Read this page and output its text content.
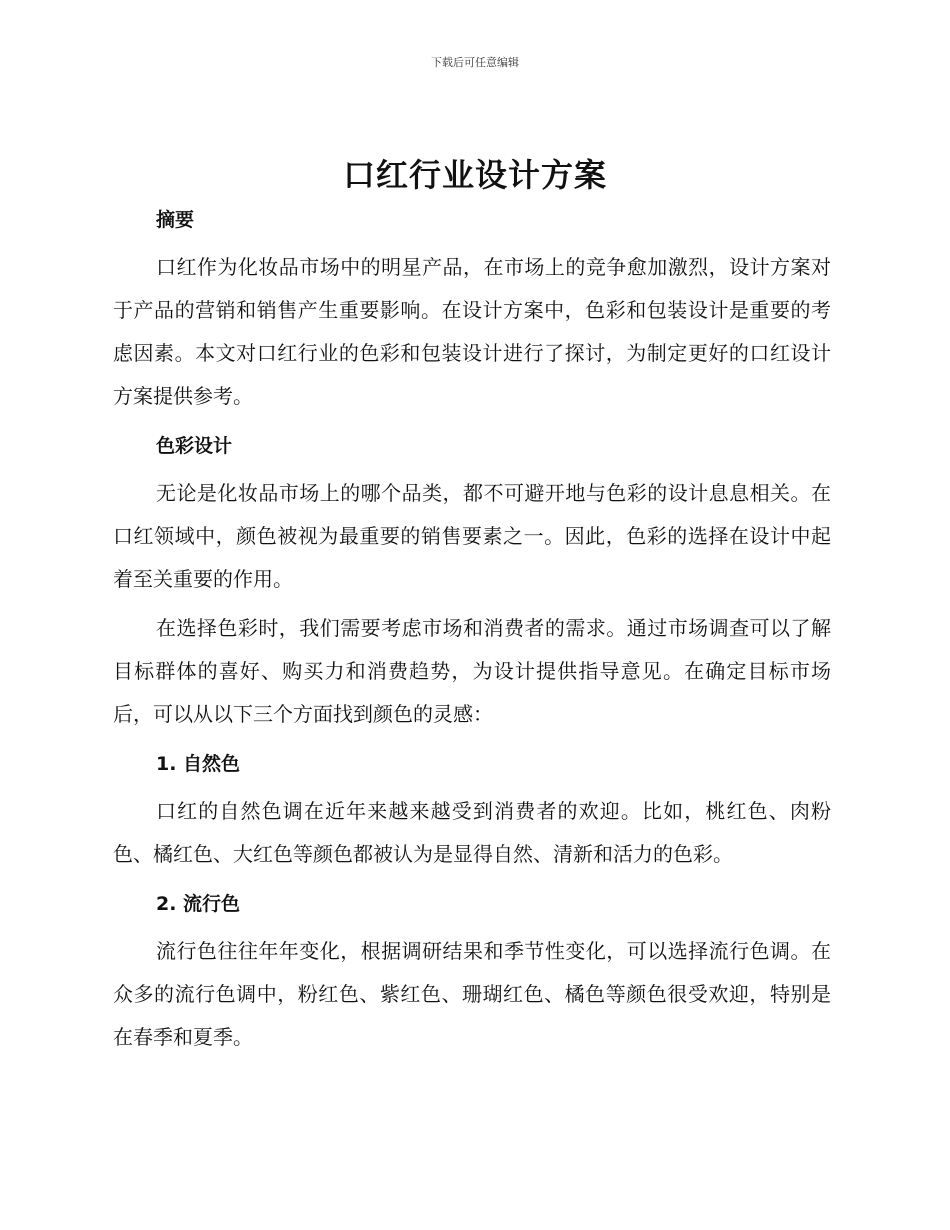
下载后可任意编辑
口红行业设计方案
摘要

口红作为化妆品市场中的明星产品，在市场上的竞争愈加激烈，设计方案对于产品的营销和销售产生重要影响。在设计方案中，色彩和包装设计是重要的考虑因素。本文对口红行业的色彩和包装设计进行了探讨，为制定更好的口红设计方案提供参考。

色彩设计

无论是化妆品市场上的哪个品类，都不可避开地与色彩的设计息息相关。在口红领域中，颜色被视为最重要的销售要素之一。因此，色彩的选择在设计中起着至关重要的作用。

在选择色彩时，我们需要考虑市场和消费者的需求。通过市场调查可以了解目标群体的喜好、购买力和消费趋势，为设计提供指导意见。在确定目标市场后，可以从以下三个方面找到颜色的灵感：

1. 自然色

口红的自然色调在近年来越来越受到消费者的欢迎。比如，桃红色、肉粉色、橘红色、大红色等颜色都被认为是显得自然、清新和活力的色彩。

2. 流行色

流行色往往年年变化，根据调研结果和季节性变化，可以选择流行色调。在众多的流行色调中，粉红色、紫红色、珊瑚红色、橘色等颜色很受欢迎，特别是在春季和夏季。
